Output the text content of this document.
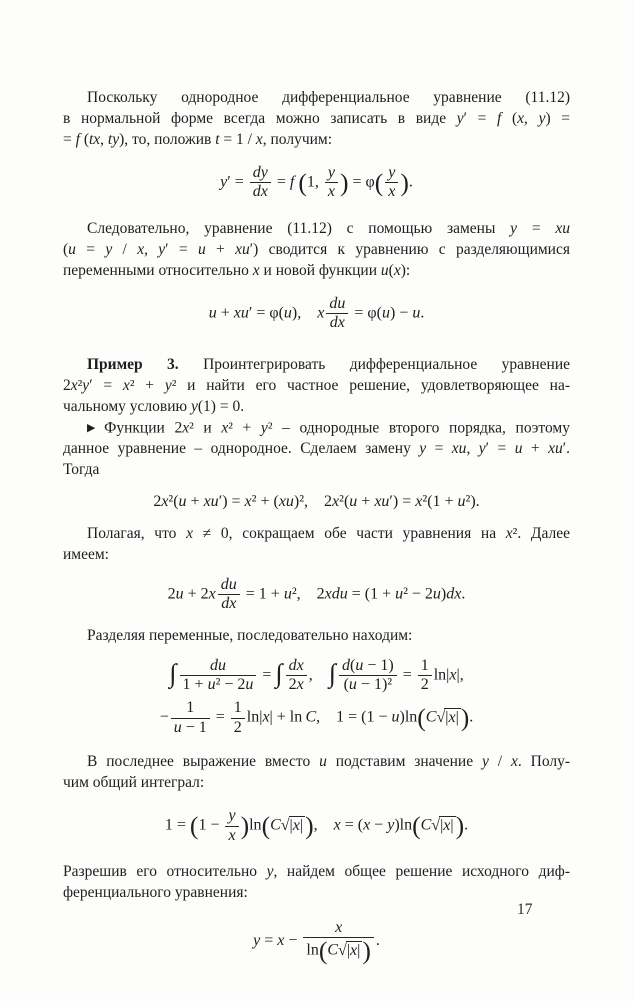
Поскольку однородное дифференциальное уравнение (11.12)
в нормальной форме всегда можно записать в виде y′ = f (x, y) =
= f (tx, ty), то, положив t = 1 / x, получим:
$y' = \frac{dy}{dx} = f$ (1, $\frac{y}{x}$ ) = $\varphi( \frac{y}{x}$ ).
Следовательно, уравнение (11.12) с помощью замены y = xu
(u = y / x, y′ = u + xu′) сводится к уравнению с разделяющимися
переменными относительно x и новой функции u(x):
u + xu′ = φ(u), x $\frac{du}{dx} = \varphi(u) - u$.
Пример 3. Проинтегрировать дифференциальное уравнение
2x²y′ = x² + y² и найти его частное решение, удовлетворяющее на-
чальному условию y(1) = 0.
▶ Функции 2x² и x² + y² – однородные второго порядка, поэтому
данное уравнение – однородное. Сделаем замену y = xu, y′ = u + xu′.
Тогда
2x²(u + xu′) = x² + (xu)², 2x²(u + xu′) = x²(1 + u²).
Полагая, что x ≠ 0, сокращаем обе части уравнения на x². Далее
имеем:
$2u + 2x \frac{du}{dx} = 1 + u^2$, 2xdu = (1 + u² − 2u)dx.
Разделяя переменные, последовательно находим:
∫ $\frac{du}{\text{1 + u² − 2u}}$ = ∫ $\frac{dx}{2x}$ , ∫ $\frac{d(u - 1)}{\text{(u − 1)²}} = \frac{1}{2} \ln|x|$,
− $\frac{1}{u - 1} = \frac{1}{2} \ln|x| + \ln C$, 1 = (1 − u)ln(C√|x|).
В последнее выражение вместо u подставим значение y / x. Полу-
чим общий интеграл:
$1 = (1 - \frac{y}{x} )\ln(C√|x|)$, x = (x − y)ln(C√|x|).
Разрешив его относительно y, найдем общее решение исходного диф-
ференциального уравнения:
$y = x - \frac{x}{\ln(C√|x|)}$ .
17
